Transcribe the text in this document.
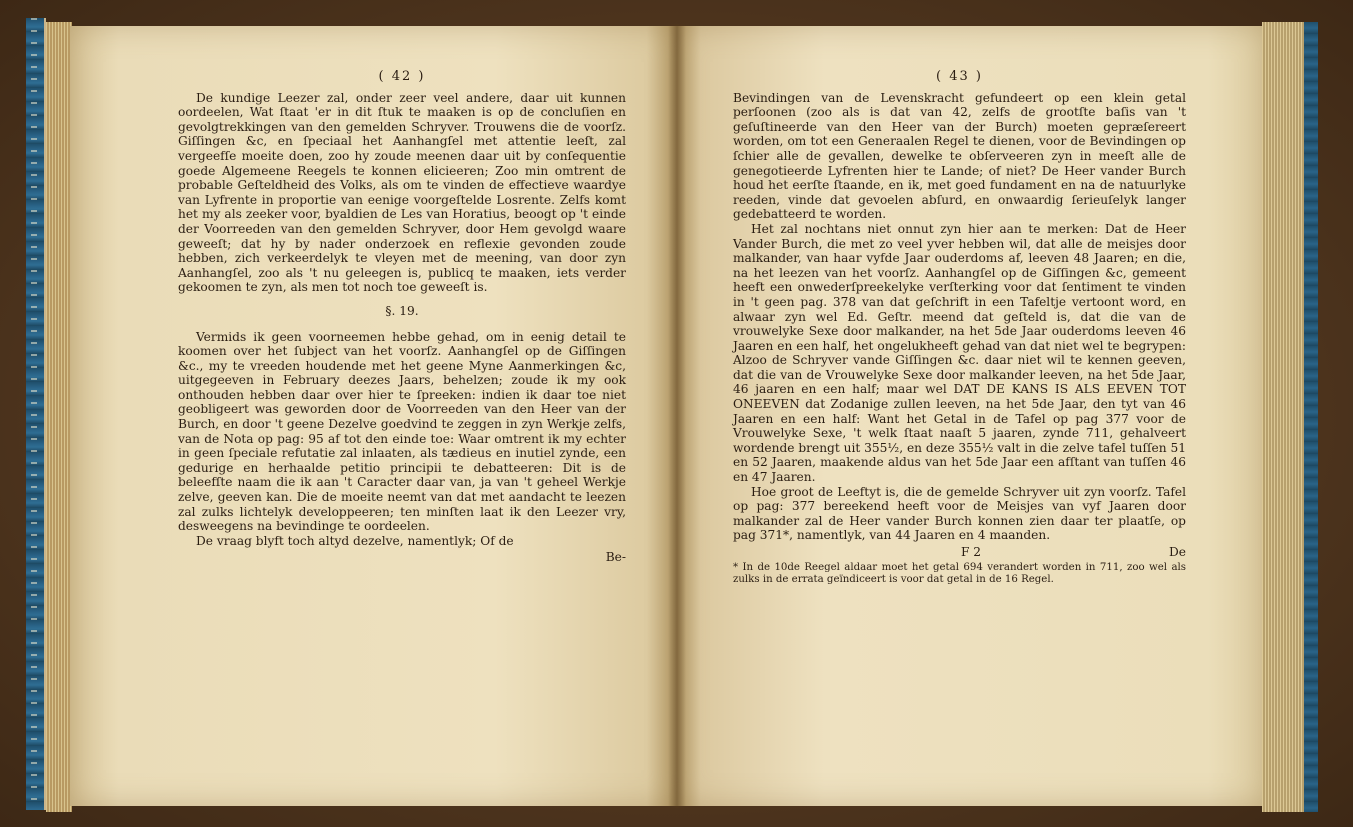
( 42 )

De kundige Leezer zal, onder zeer veel andere, daar uit kunnen oordeelen, Wat ſtaat 'er in dit ſtuk te maaken is op de concluſien en gevolgtrekkingen van den gemelden Schryver. Trouwens die de voorſz. Giſſingen &c, en ſpeciaal het Aanhangſel met attentie leeſt, zal vergeefſe moeite doen, zoo hy zoude meenen daar uit by conſequentie goede Algemeene Reegels te konnen elicieeren; Zoo min omtrent de probable Geſteldheid des Volks, als om te vinden de effectieve waardye van Lyfrente in proportie van eenige voorgeſtelde Losrente. Zelfs komt het my als zeeker voor, byaldien de Les van Horatius, beoogt op 't einde der Voorreeden van den gemelden Schryver, door Hem gevolgd waare geweeſt; dat hy by nader onderzoek en reflexie gevonden zoude hebben, zich verkeerdelyk te vleyen met de meening, van door zyn Aanhangſel, zoo als 't nu geleegen is, publicq te maaken, iets verder gekoomen te zyn, als men tot noch toe geweeſt is.

§. 19.

Vermids ik geen voorneemen hebbe gehad, om in eenig detail te koomen over het ſubject van het voorſz. Aanhangſel op de Giſſingen &c., my te vreeden houdende met het geene Myne Aanmerkingen &c, uitgegeeven in February deezes Jaars, behelzen; zoude ik my ook onthouden hebben daar over hier te ſpreeken: indien ik daar toe niet geobligeert was geworden door de Voorreeden van den Heer van der Burch, en door 't geene Dezelve goedvind te zeggen in zyn Werkje zelfs, van de Nota op pag: 95 af tot den einde toe: Waar omtrent ik my echter in geen ſpeciale refutatie zal inlaaten, als tædieus en inutiel zynde, een gedurige en herhaalde petitio principii te debatteeren: Dit is de beleefſte naam die ik aan 't Caracter daar van, ja van 't geheel Werkje zelve, geeven kan. Die de moeite neemt van dat met aandacht te leezen zal zulks lichtelyk developpeeren; ten minſten laat ik den Leezer vry, desweegens na bevindinge te oordeelen.

De vraag blyft toch altyd dezelve, namentlyk; Of de

Be-
( 43 )

Bevindingen van de Levenskracht gefundeert op een klein getal perſoonen (zoo als is dat van 42, zelfs de grootſte baſis van 't geſuſtineerde van den Heer van der Burch) moeten gepræſereert worden, om tot een Generaalen Regel te dienen, voor de Bevindingen op ſchier alle de gevallen, dewelke te obſerveeren zyn in meeſt alle de genegotieerde Lyfrenten hier te Lande; of niet? De Heer vander Burch houd het eerſte ſtaande, en ik, met goed fundament en na de natuurlyke reeden, vinde dat gevoelen abſurd, en onwaardig ſerieuſelyk langer gedebatteerd te worden.

Het zal nochtans niet onnut zyn hier aan te merken: Dat de Heer Vander Burch, die met zo veel yver hebben wil, dat alle de meisjes door malkander, van haar vyfde Jaar ouderdoms af, leeven 48 Jaaren; en die, na het leezen van het voorſz. Aanhangſel op de Giſſingen &c, gemeent heeft een onwederſpreekelyke verſterking voor dat ſentiment te vinden in 't geen pag. 378 van dat geſchrift in een Tafeltje vertoont word, en alwaar zyn wel Ed. Geſtr. meend dat geſteld is, dat die van de vrouwelyke Sexe door malkander, na het 5de Jaar ouderdoms leeven 46 Jaaren en een half, het ongelukheeft gehad van dat niet wel te begrypen: Alzoo de Schryver vande Giſſingen &c. daar niet wil te kennen geeven, dat die van de Vrouwelyke Sexe door malkander leeven, na het 5de Jaar, 46 jaaren en een half; maar wel DAT DE KANS IS ALS EEVEN TOT ONEEVEN dat Zodanige zullen leeven, na het 5de Jaar, den tyt van 46 Jaaren en een half: Want het Getal in de Tafel op pag 377 voor de Vrouwelyke Sexe, 't welk ſtaat naaſt 5 jaaren, zynde 711, gehalveert wordende brengt uit 355½, en deze 355½ valt in die zelve tafel tuſſen 51 en 52 Jaaren, maakende aldus van het 5de Jaar een afſtant van tuſſen 46 en 47 Jaaren.

Hoe groot de Leeftyt is, die de gemelde Schryver uit zyn voorſz. Tafel op pag: 377 bereekend heeft voor de Meisjes van vyf Jaaren door malkander zal de Heer vander Burch konnen zien daar ter plaatſe, op pag 371*, namentlyk, van 44 Jaaren en 4 maanden.

F 2	De
* In de 10de Reegel aldaar moet het getal 694 verandert worden in 711, zoo wel als zulks in de errata geïndiceert is voor dat getal in de 16 Regel.
